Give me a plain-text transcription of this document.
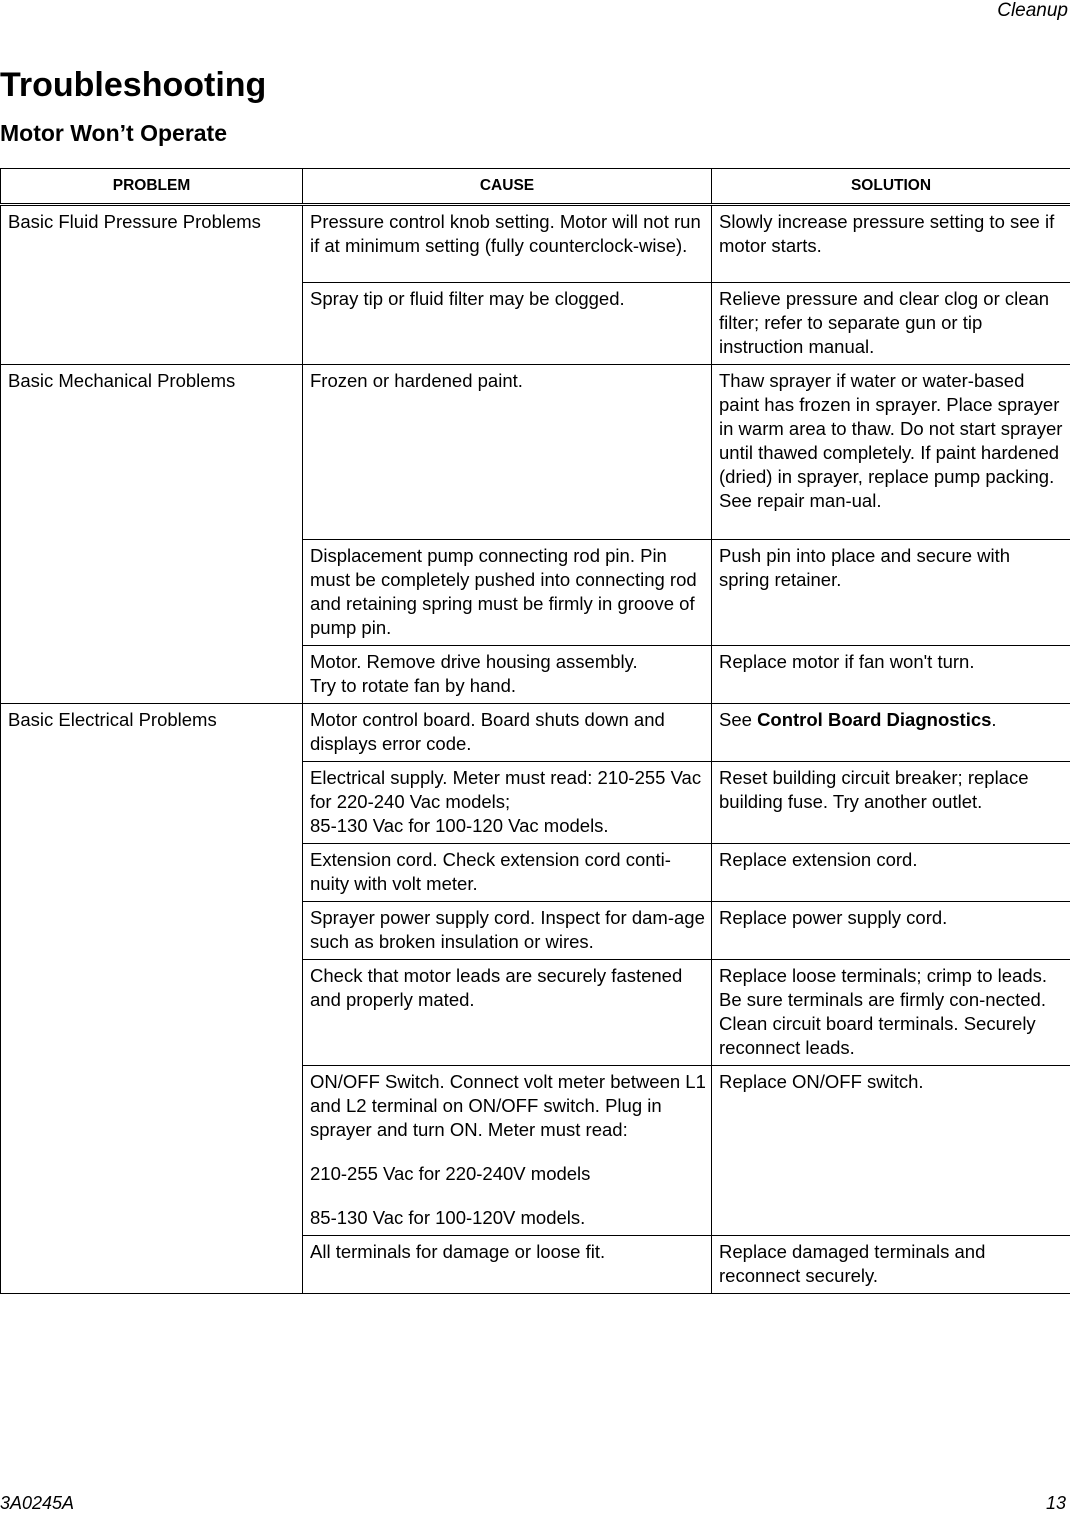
Cleanup
Troubleshooting
Motor Won’t Operate
PROBLEM	CAUSE	SOLUTION
Basic Fluid Pressure Problems	Pressure control knob setting. Motor will not run if at minimum setting (fully counterclock-wise).	Slowly increase pressure setting to see if motor starts.
	Spray tip or fluid filter may be clogged.	Relieve pressure and clear clog or clean filter; refer to separate gun or tip instruction manual.
Basic Mechanical Problems	Frozen or hardened paint.	Thaw sprayer if water or water-based paint has frozen in sprayer. Place sprayer in warm area to thaw. Do not start sprayer until thawed completely. If paint hardened (dried) in sprayer, replace pump packing. See repair man-ual.
	Displacement pump connecting rod pin. Pin must be completely pushed into connecting rod and retaining spring must be firmly in groove of pump pin.	Push pin into place and secure with spring retainer.

	Motor. Remove drive housing assembly.
Try to rotate fan by hand.	Replace motor if fan won't turn.
Basic Electrical Problems	Motor control board. Board shuts down and displays error code.	See Control Board Diagnostics.

	Electrical supply. Meter must read: 210-255 Vac for 220-240 Vac models;
85-130 Vac for 100-120 Vac models.	Reset building circuit breaker; replace building fuse. Try another outlet.
	Extension cord. Check extension cord conti-nuity with volt meter.	Replace extension cord.
	Sprayer power supply cord. Inspect for dam-age such as broken insulation or wires.	Replace power supply cord.
	Check that motor leads are securely fastened and properly mated.	Replace loose terminals; crimp to leads. Be sure terminals are firmly con-nected. Clean circuit board terminals. Securely reconnect leads.

	ON/OFF Switch. Connect volt meter between L1 and L2 terminal on ON/OFF switch. Plug in sprayer and turn ON. Meter must read:
210-255 Vac for 220-240V models
85-130 Vac for 100-120V models.	Replace ON/OFF switch.
	All terminals for damage or loose fit.	Replace damaged terminals and reconnect securely.
3A0245A	13
